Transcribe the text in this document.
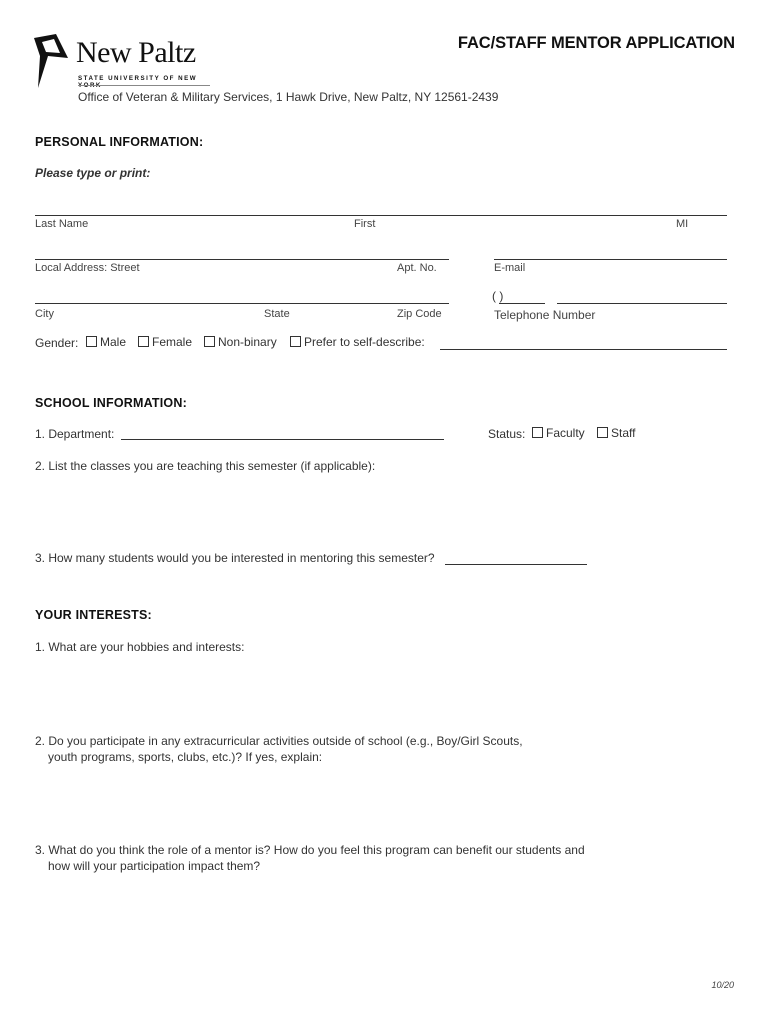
New Paltz
STATE UNIVERSITY OF NEW YORK
FAC/STAFF MENTOR APPLICATION
Office of Veteran & Military Services, 1 Hawk Drive, New Paltz, NY 12561-2439
PERSONAL INFORMATION:
Please type or print:
Last Name	First	MI
Local Address: Street	Apt. No.	E-mail
( )
City	State	Zip Code	Telephone Number
Gender:	Male	Female	Non-binary	Prefer to self-describe:
SCHOOL INFORMATION:
1. Department:	Status:	Faculty	Staff
2. List the classes you are teaching this semester (if applicable):
3. How many students would you be interested in mentoring this semester?
YOUR INTERESTS:
1. What are your hobbies and interests:
2. Do you participate in any extracurricular activities outside of school (e.g., Boy/Girl Scouts,
youth programs, sports, clubs, etc.)? If yes, explain:
3. What do you think the role of a mentor is? How do you feel this program can benefit our students and
how will your participation impact them?
10/20
